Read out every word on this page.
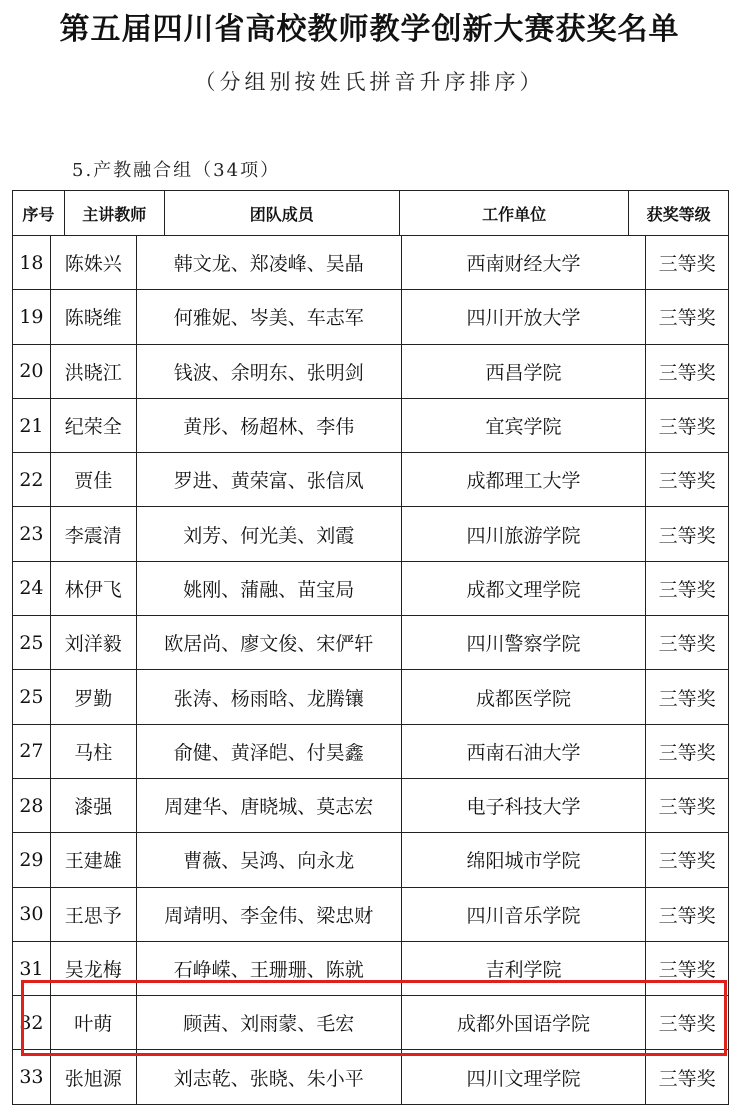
第五届四川省高校教师教学创新大赛获奖名单
（分组别按姓氏拼音升序排序）
5.产教融合组（34项）
序号	主讲教师	团队成员	工作单位	获奖等级
18	陈姝兴	韩文龙、郑凌峰、吴晶	西南财经大学	三等奖
19	陈晓维	何雅妮、岑美、车志军	四川开放大学	三等奖
20	洪晓江	钱波、余明东、张明剑	西昌学院	三等奖
21	纪荣全	黄彤、杨超林、李伟	宜宾学院	三等奖
22	贾佳	罗进、黄荣富、张信凤	成都理工大学	三等奖
23	李震清	刘芳、何光美、刘霞	四川旅游学院	三等奖
24	林伊飞	姚刚、蒲融、苗宝局	成都文理学院	三等奖
25	刘洋毅	欧居尚、廖文俊、宋俨轩	四川警察学院	三等奖
25	罗勤	张涛、杨雨晗、龙腾镶	成都医学院	三等奖
27	马柱	俞健、黄泽皑、付昊鑫	西南石油大学	三等奖
28	漆强	周建华、唐晓城、莫志宏	电子科技大学	三等奖
29	王建雄	曹薇、吴鸿、向永龙	绵阳城市学院	三等奖
30	王思予	周靖明、李金伟、梁忠财	四川音乐学院	三等奖
31	吴龙梅	石峥嵘、王珊珊、陈就	吉利学院	三等奖
32	叶萌	顾茜、刘雨蒙、毛宏	成都外国语学院	三等奖
33	张旭源	刘志乾、张晓、朱小平	四川文理学院	三等奖
